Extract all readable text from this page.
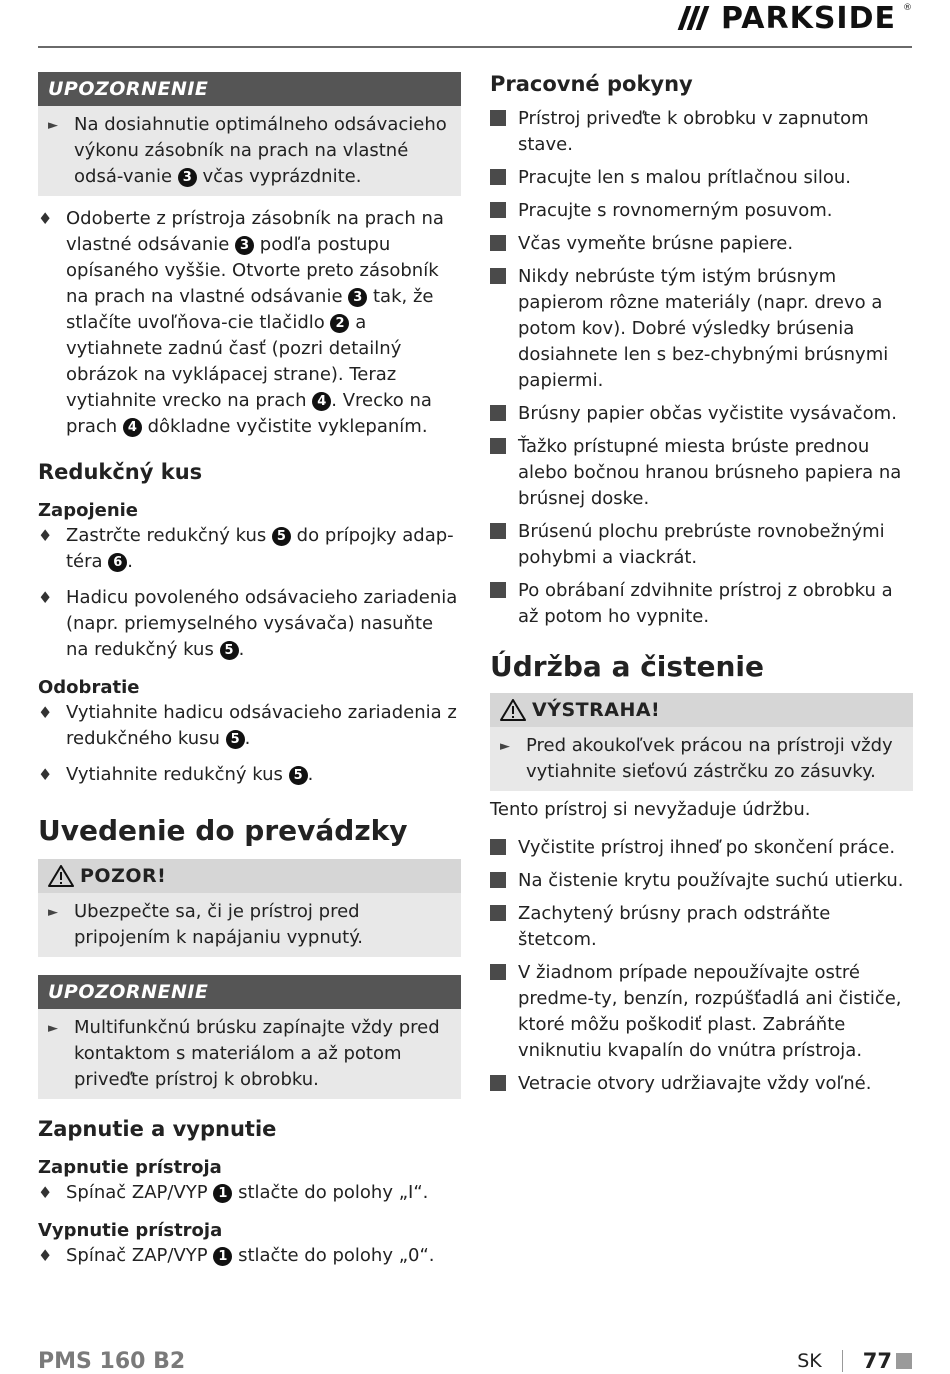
PARKSIDE ®
UPOZORNENIE
► Na dosiahnutie optimálneho odsávacieho výkonu zásobník na prach na vlastné odsá-vanie 3 včas vyprázdnite.
♦ Odoberte z prístroja zásobník na prach na vlastné odsávanie 3 podľa postupu opísaného vyššie. Otvorte preto zásobník na prach na vlastné odsávanie 3 tak, že stlačíte uvoľňova-cie tlačidlo 2 a vytiahnete zadnú časť (pozri detailný obrázok na vyklápacej strane). Teraz vytiahnite vrecko na prach 4 . Vrecko na prach 4 dôkladne vyčistite vyklepaním.
Redukčný kus
Zapojenie
♦ Zastrčte redukčný kus 5 do prípojky adap-téra 6 .
♦ Hadicu povoleného odsávacieho zariadenia (napr. priemyselného vysávača) nasuňte na redukčný kus 5 .
Odobratie
♦ Vytiahnite hadicu odsávacieho zariadenia z redukčného kusu 5 .
♦ Vytiahnite redukčný kus 5 .
Uvedenie do prevádzky
POZOR!
► Ubezpečte sa, či je prístroj pred pripojením k napájaniu vypnutý.
UPOZORNENIE
► Multifunkčnú brúsku zapínajte vždy pred kontaktom s materiálom a až potom priveďte prístroj k obrobku.
Zapnutie a vypnutie
Zapnutie prístroja
♦ Spínač ZAP/VYP 1 stlačte do polohy „I“.
Vypnutie prístroja
♦ Spínač ZAP/VYP 1 stlačte do polohy „0“.
Pracovné pokyny
Prístroj priveďte k obrobku v zapnutom stave.
Pracujte len s malou prítlačnou silou.
Pracujte s rovnomerným posuvom.
Včas vymeňte brúsne papiere.
Nikdy nebrúste tým istým brúsnym papierom rôzne materiály (napr. drevo a potom kov). Dobré výsledky brúsenia dosiahnete len s bez-chybnými brúsnymi papiermi.
Brúsny papier občas vyčistite vysávačom.
Ťažko prístupné miesta brúste prednou alebo bočnou hranou brúsneho papiera na brúsnej doske.
Brúsenú plochu prebrúste rovnobežnými pohybmi a viackrát.
Po obrábaní zdvihnite prístroj z obrobku a až potom ho vypnite.
Údržba a čistenie
VÝSTRAHA!
► Pred akoukoľvek prácou na prístroji vždy vytiahnite sieťovú zástrčku zo zásuvky.

Tento prístroj si nevyžaduje údržbu.

Vyčistite prístroj ihneď po skončení práce.
Na čistenie krytu používajte suchú utierku.
Zachytený brúsny prach odstráňte štetcom.
V žiadnom prípade nepoužívajte ostré predme-ty, benzín, rozpúšťadlá ani čističe, ktoré môžu poškodiť plast. Zabráňte vniknutiu kvapalín do vnútra prístroja.
Vetracie otvory udržiavajte vždy voľné.
PMS 160 B2	SK 77
